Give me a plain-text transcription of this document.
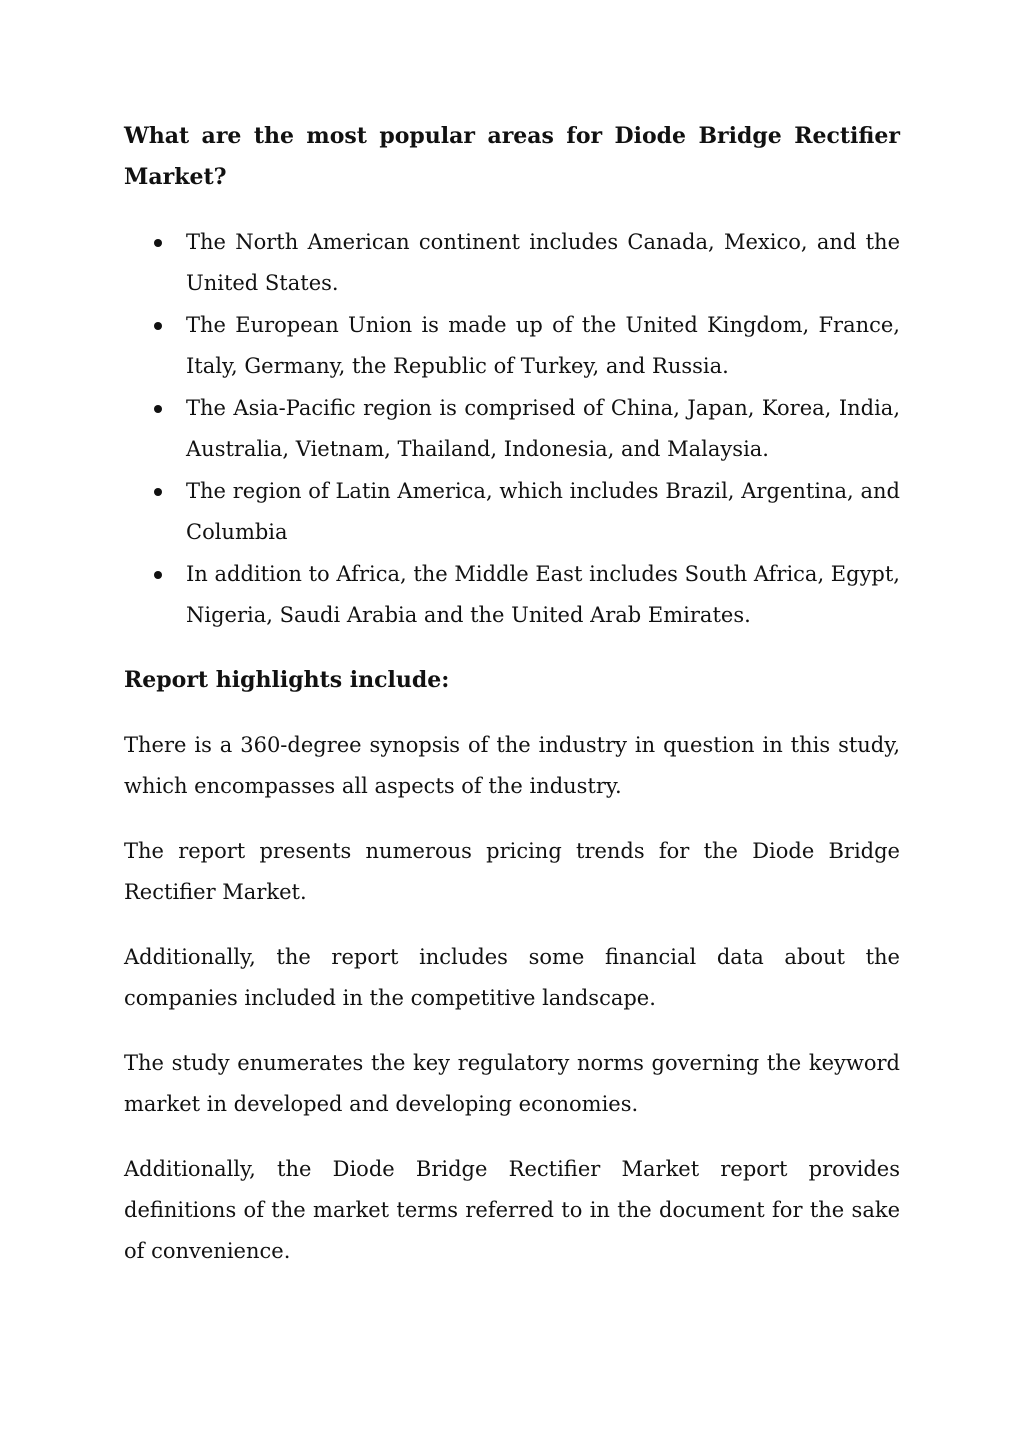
What are the most popular areas for Diode Bridge Rectifier Market?
The North American continent includes Canada, Mexico, and the United States.
The European Union is made up of the United Kingdom, France, Italy, Germany, the Republic of Turkey, and Russia.
The Asia-Pacific region is comprised of China, Japan, Korea, India, Australia, Vietnam, Thailand, Indonesia, and Malaysia.
The region of Latin America, which includes Brazil, Argentina, and Columbia
In addition to Africa, the Middle East includes South Africa, Egypt, Nigeria, Saudi Arabia and the United Arab Emirates.
Report highlights include:

There is a 360-degree synopsis of the industry in question in this study, which encompasses all aspects of the industry.

The report presents numerous pricing trends for the Diode Bridge Rectifier Market.

Additionally, the report includes some financial data about the companies included in the competitive landscape.

The study enumerates the key regulatory norms governing the keyword market in developed and developing economies.

Additionally, the Diode Bridge Rectifier Market report provides definitions of the market terms referred to in the document for the sake of convenience.
